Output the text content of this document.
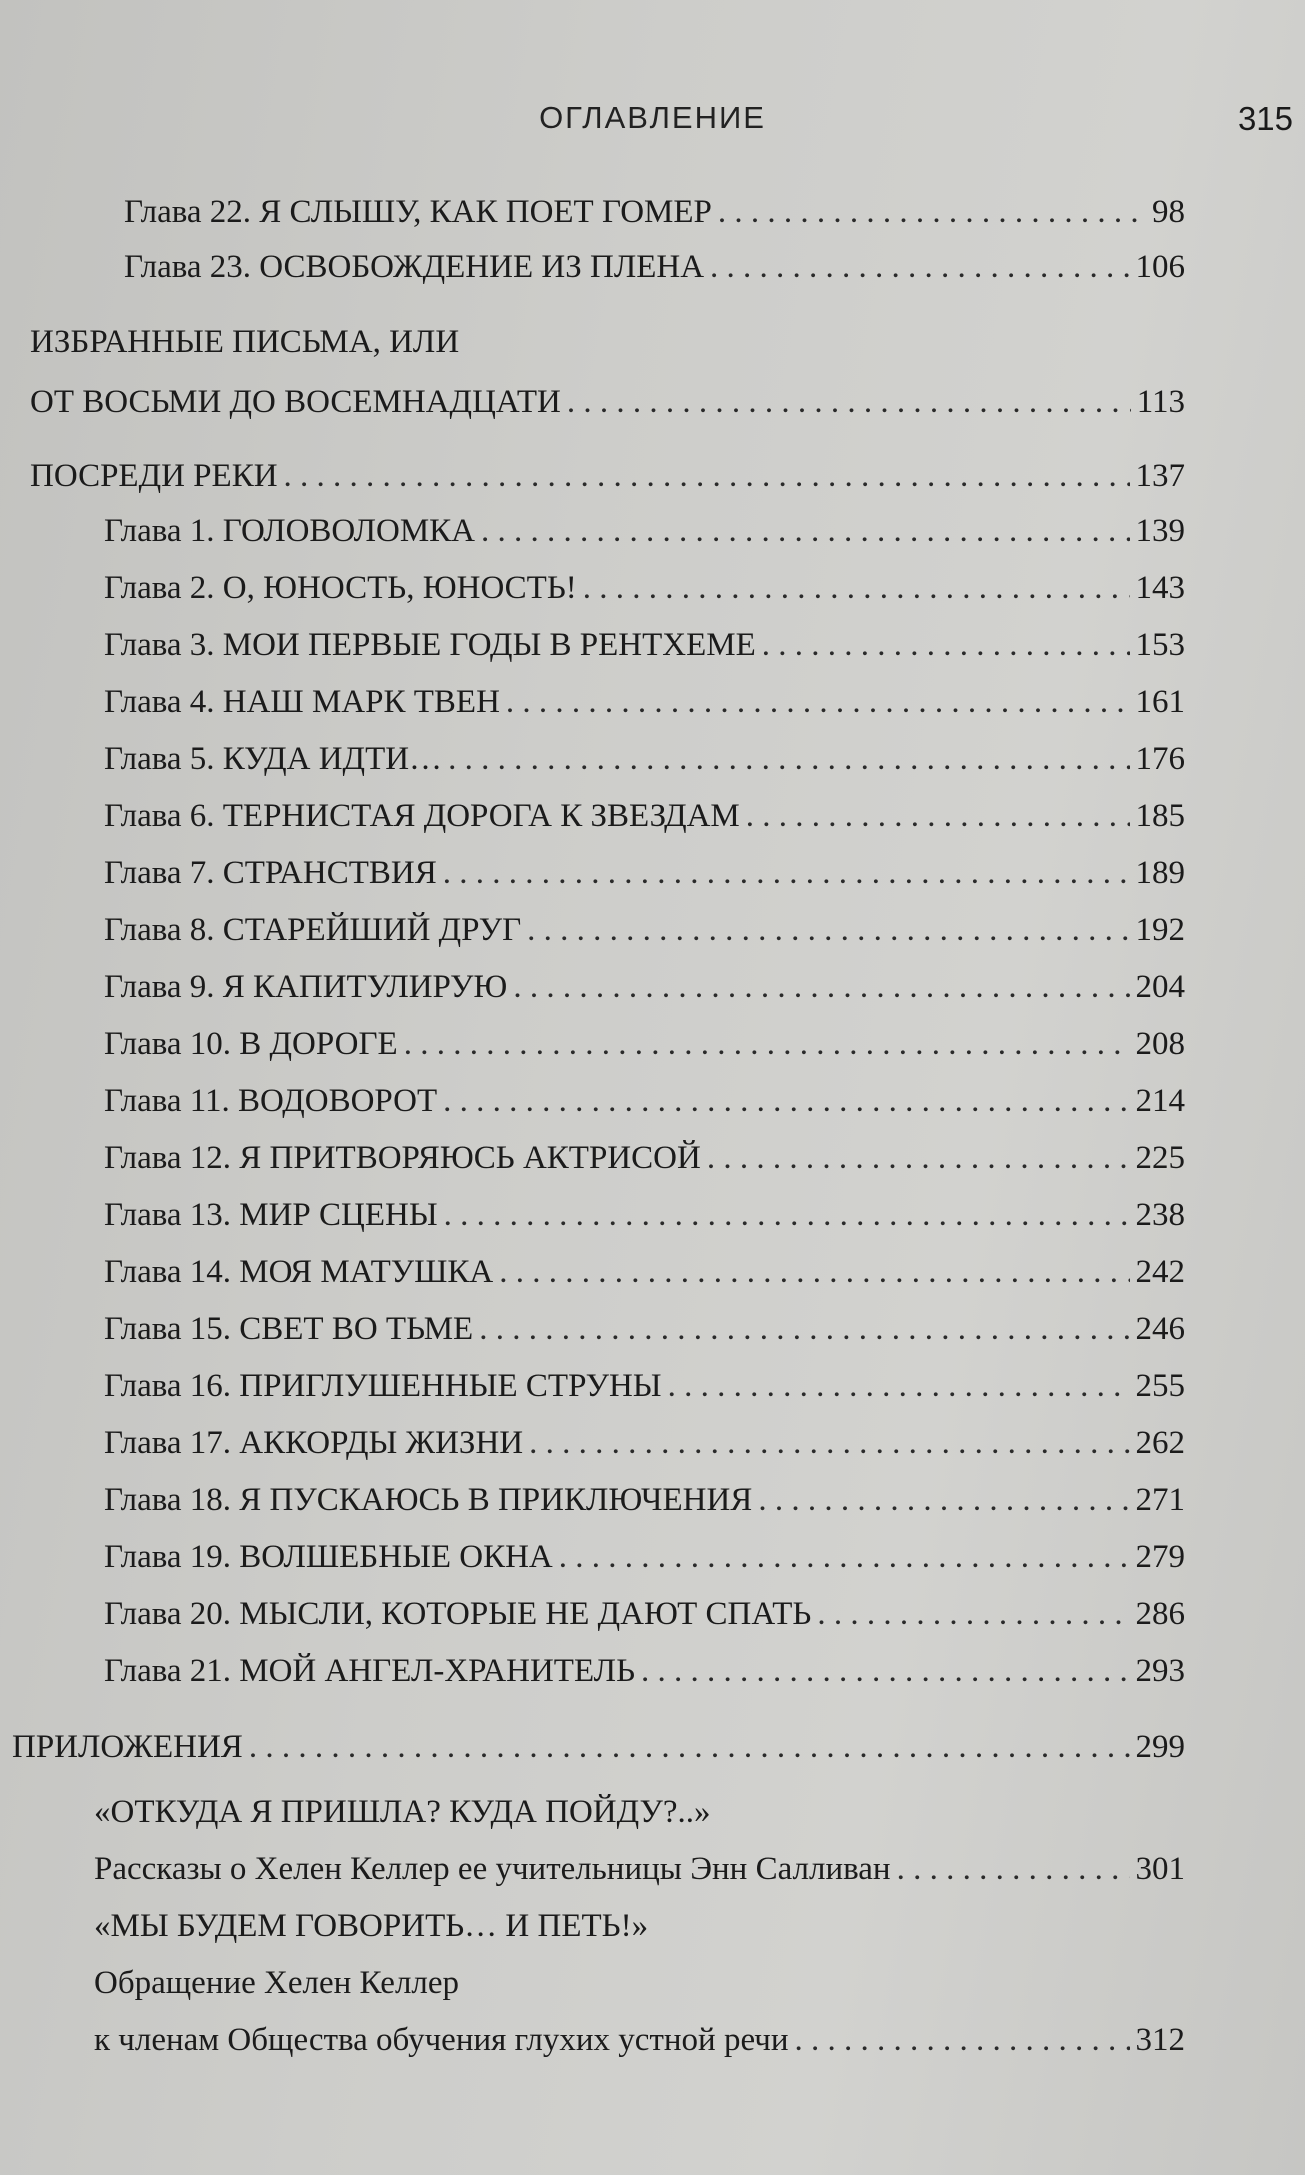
ОГЛАВЛЕНИЕ	315
Глава 22. Я СЛЫШУ, КАК ПОЕТ ГОМЕР . . .	98
Глава 23. ОСВОБОЖДЕНИЕ ИЗ ПЛЕНА . . .	106
ИЗБРАННЫЕ ПИСЬМА, ИЛИ
ОТ ВОСЬМИ ДО ВОСЕМНАДЦАТИ . . .	113
ПОСРЕДИ РЕКИ . . .	137
Глава 1. ГОЛОВОЛОМКА . . .	139
Глава 2. О, ЮНОСТЬ, ЮНОСТЬ! . . .	143
Глава 3. МОИ ПЕРВЫЕ ГОДЫ В РЕНТХЕМЕ . . .	153
Глава 4. НАШ МАРК ТВЕН . . .	161
Глава 5. КУДА ИДТИ… . . .	176
Глава 6. ТЕРНИСТАЯ ДОРОГА К ЗВЕЗДАМ . . .	185
Глава 7. СТРАНСТВИЯ . . .	189
Глава 8. СТАРЕЙШИЙ ДРУГ . . .	192
Глава 9. Я КАПИТУЛИРУЮ . . .	204
Глава 10. В ДОРОГЕ . . .	208
Глава 11. ВОДОВОРОТ . . .	214
Глава 12. Я ПРИТВОРЯЮСЬ АКТРИСОЙ . . .	225
Глава 13. МИР СЦЕНЫ . . .	238
Глава 14. МОЯ МАТУШКА . . .	242
Глава 15. СВЕТ ВО ТЬМЕ . . .	246
Глава 16. ПРИГЛУШЕННЫЕ СТРУНЫ . . .	255
Глава 17. АККОРДЫ ЖИЗНИ . . .	262
Глава 18. Я ПУСКАЮСЬ В ПРИКЛЮЧЕНИЯ . . .	271
Глава 19. ВОЛШЕБНЫЕ ОКНА . . .	279
Глава 20. МЫСЛИ, КОТОРЫЕ НЕ ДАЮТ СПАТЬ . . .	286
Глава 21. МОЙ АНГЕЛ-ХРАНИТЕЛЬ . . .	293
ПРИЛОЖЕНИЯ . . .	299
«ОТКУДА Я ПРИШЛА? КУДА ПОЙДУ?..»
Рассказы о Хелен Келлер ее учительницы Энн Салливан . . .	301
«МЫ БУДЕМ ГОВОРИТЬ… И ПЕТЬ!»
Обращение Хелен Келлер
к членам Общества обучения глухих устной речи . . .	312
